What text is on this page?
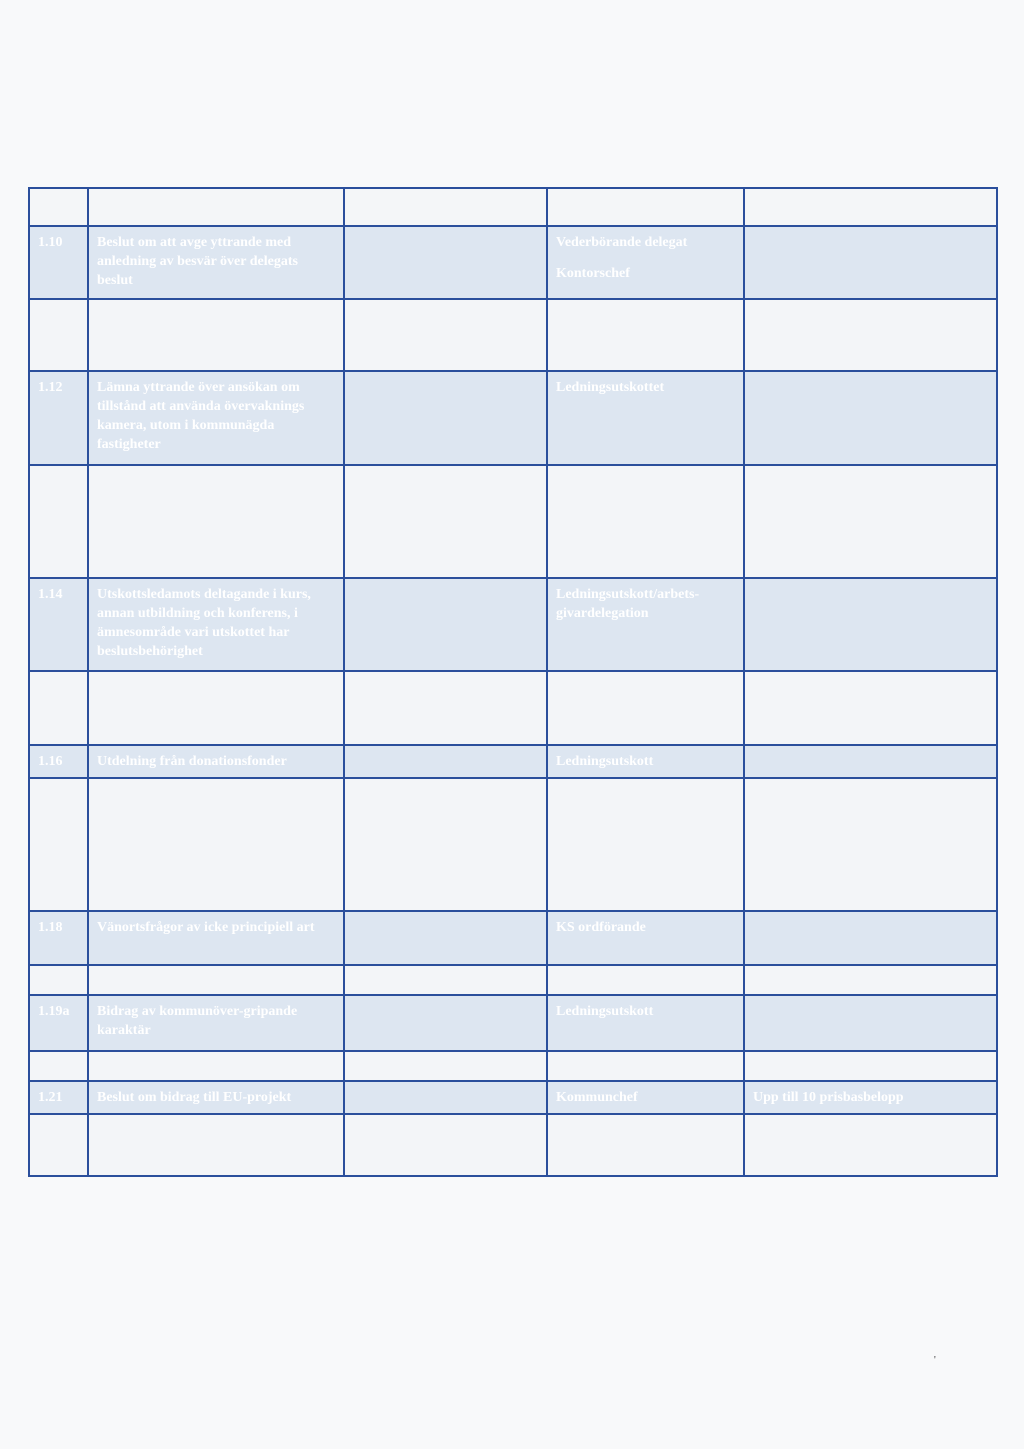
1.10	Beslut om att avge yttrande med anledning av besvär över delegats beslut		Vederbörande delegat
Kontorschef	

1.12	Lämna yttrande över ansökan om tillstånd att använda övervaknings kamera, utom i kommunägda fastigheter		Ledningsutskottet	

1.14	Utskottsledamots deltagande i kurs, annan utbildning och konferens, i ämnesområde vari utskottet har beslutsbehörighet		Ledningsutskott/arbets-givardelegation	

1.16	Utdelning från donationsfonder		Ledningsutskott	

1.18	Vänortsfrågor av icke principiell art		KS ordförande	

1.19a	Bidrag av kommunöver-gripande karaktär		Ledningsutskott	

1.21	Beslut om bidrag till EU-projekt		Kommunchef	Upp till 10 prisbasbelopp

'
